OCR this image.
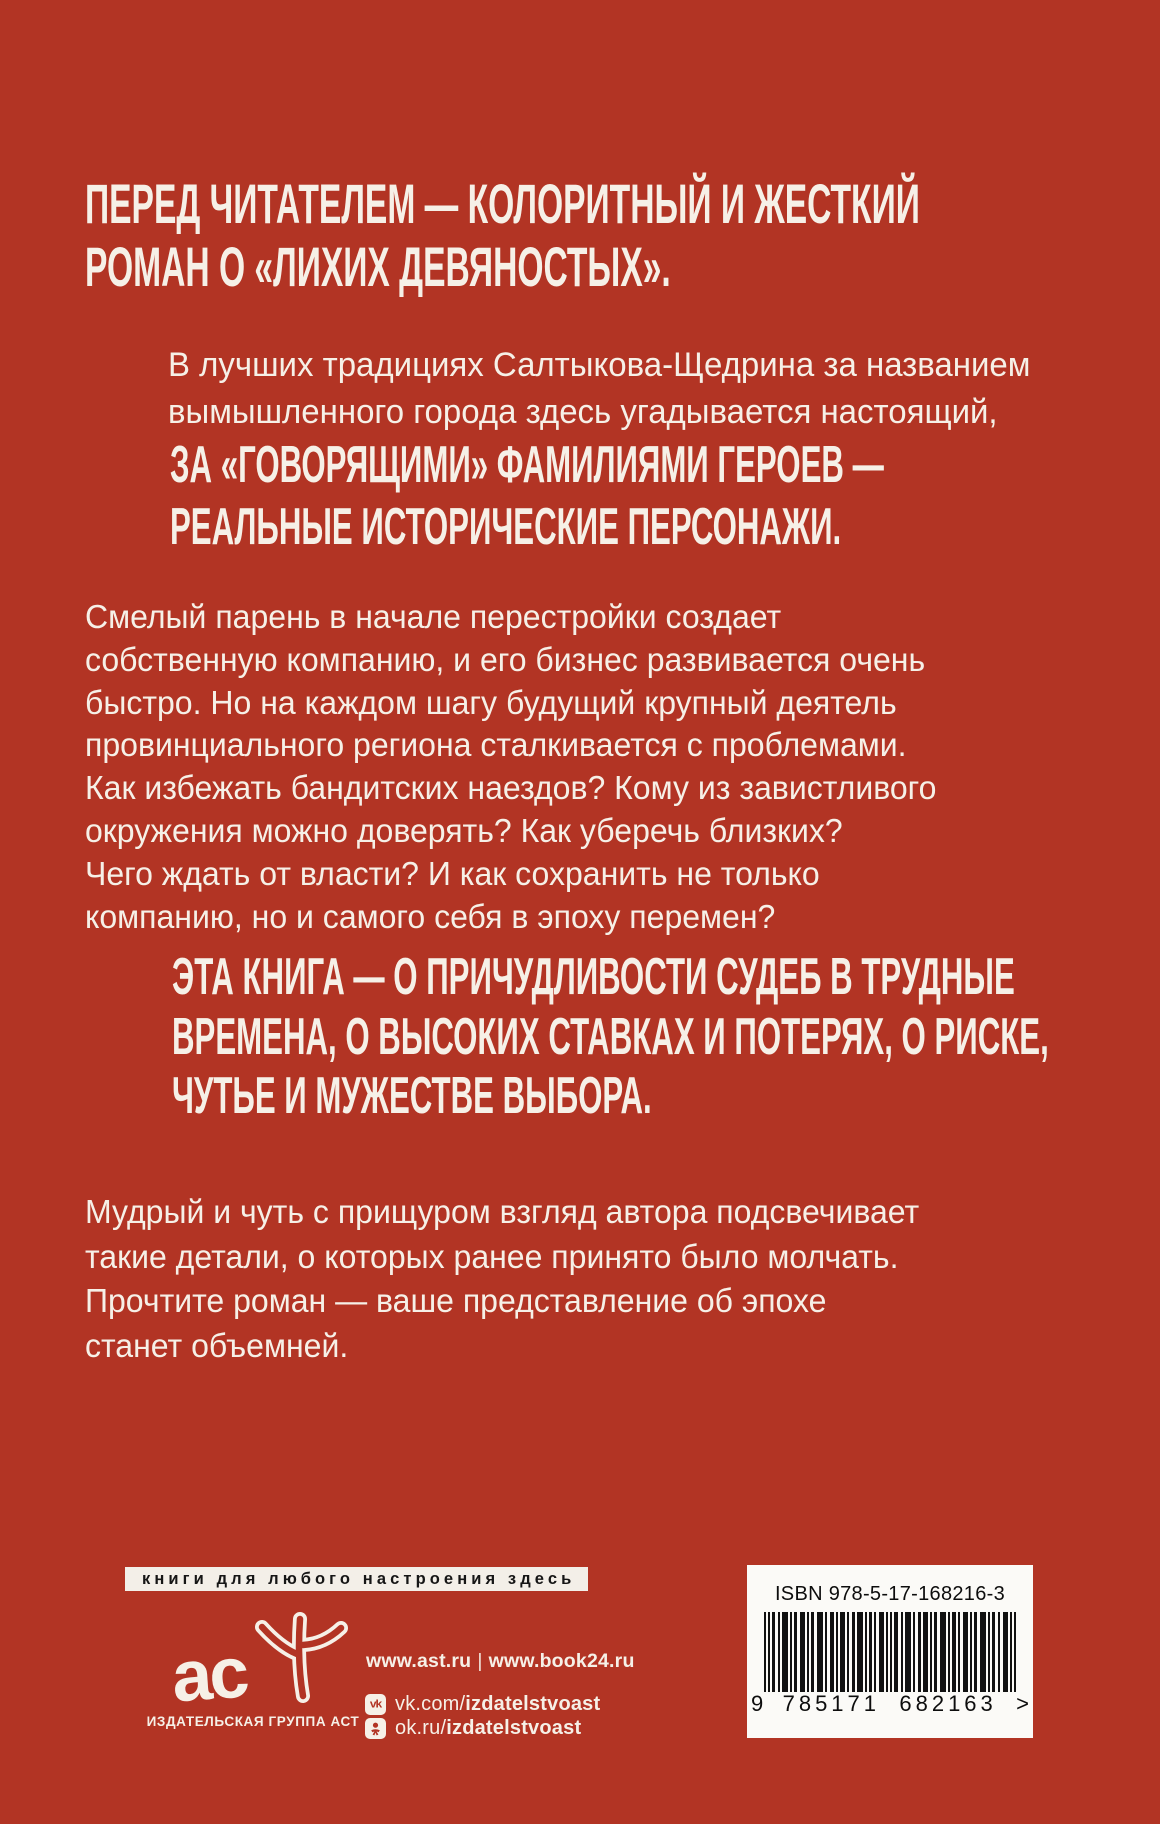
ПЕРЕД ЧИТАТЕЛЕМ — КОЛОРИТНЫЙ И ЖЕСТКИЙ
РОМАН О «ЛИХИХ ДЕВЯНОСТЫХ».
В лучших традициях Салтыкова-Щедрина за названием
вымышленного города здесь угадывается настоящий,
ЗА «ГОВОРЯЩИМИ» ФАМИЛИЯМИ ГЕРОЕВ —
РЕАЛЬНЫЕ ИСТОРИЧЕСКИЕ ПЕРСОНАЖИ.
Смелый парень в начале перестройки создает
собственную компанию, и его бизнес развивается очень
быстро. Но на каждом шагу будущий крупный деятель
провинциального региона сталкивается с проблемами.
Как избежать бандитских наездов? Кому из завистливого
окружения можно доверять? Как уберечь близких?
Чего ждать от власти? И как сохранить не только
компанию, но и самого себя в эпоху перемен?
ЭТА КНИГА — О ПРИЧУДЛИВОСТИ СУДЕБ В ТРУДНЫЕ
ВРЕМЕНА, О ВЫСОКИХ СТАВКАХ И ПОТЕРЯХ, О РИСКЕ,
ЧУТЬЕ И МУЖЕСТВЕ ВЫБОРА.
Мудрый и чуть с прищуром взгляд автора подсвечивает
такие детали, о которых ранее принято было молчать.
Прочтите роман — ваше представление об эпохе
станет объемней.
книги для любого настроения здесь
ас
ИЗДАТЕЛЬСКАЯ ГРУППА АСТ
www.ast.ru | www.book24.ru
vk vk.com/izdatelstvoast
ok.ru/izdatelstvoast
ISBN 978-5-17-168216-3
9 785171 682163 >
